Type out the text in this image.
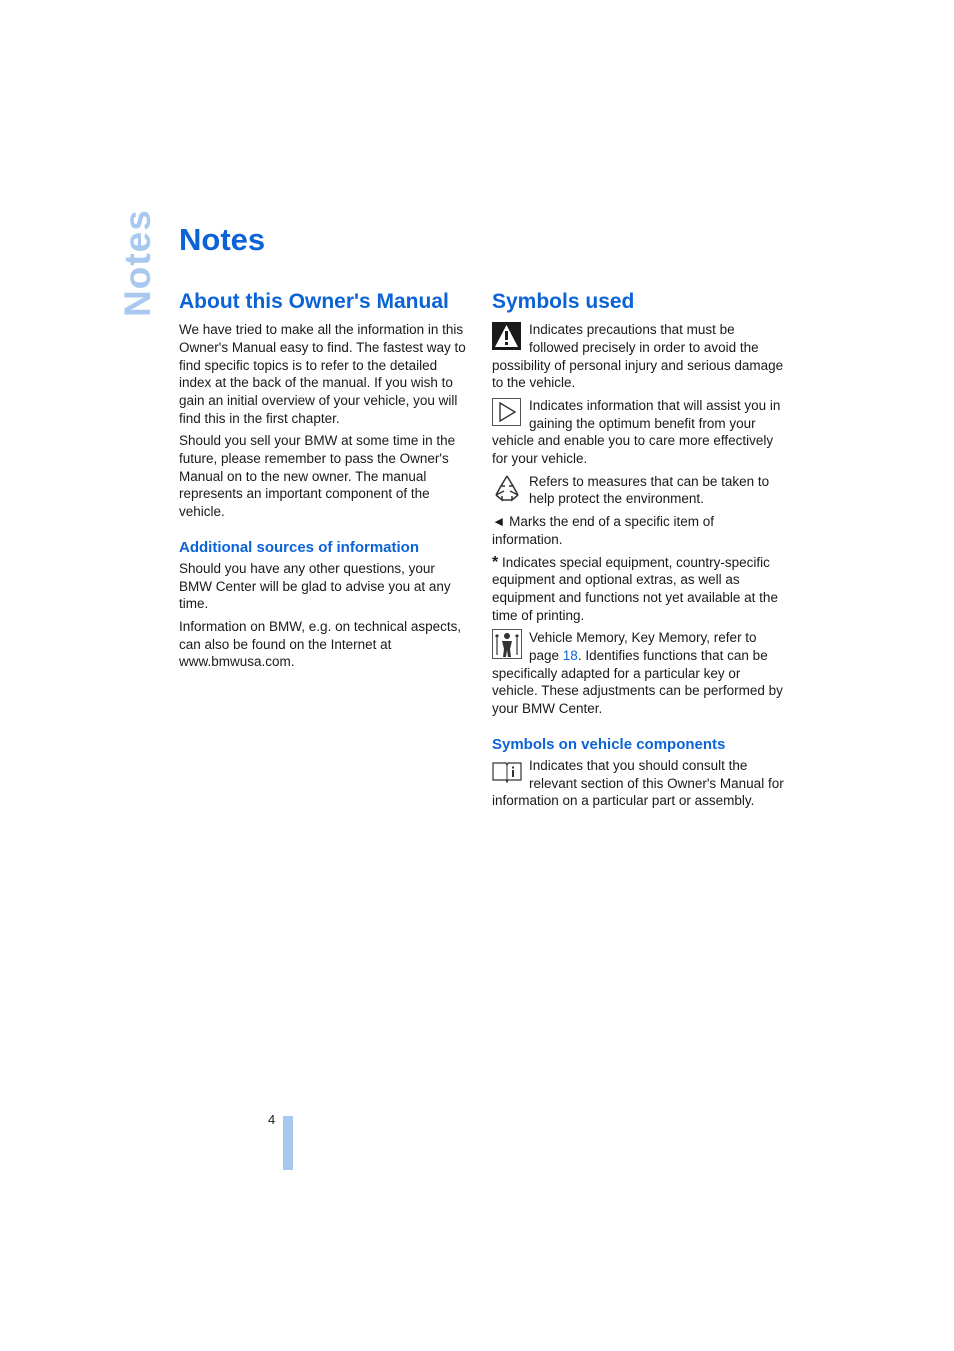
Notes Notes
About this Owner's Manual

We have tried to make all the information in this Owner's Manual easy to find. The fastest way to find specific topics is to refer to the detailed index at the back of the manual. If you wish to gain an initial overview of your vehicle, you will find this in the first chapter.

Should you sell your BMW at some time in the future, please remember to pass the Owner's Manual on to the new owner. The manual represents an important component of the vehicle.

Additional sources of information

Should you have any other questions, your BMW Center will be glad to advise you at any time.

Information on BMW, e.g. on technical aspects, can also be found on the Internet at www.bmwusa.com.

Symbols used
Indicates precautions that must be followed precisely in order to avoid the possibility of personal injury and serious damage to the vehicle.
Indicates information that will assist you in gaining the optimum benefit from your vehicle and enable you to care more effectively for your vehicle.
Refers to measures that can be taken to help protect the environment.

◄ Marks the end of a specific item of information.

* Indicates special equipment, country-specific equipment and optional extras, as well as equipment and functions not yet available at the time of printing.

Vehicle Memory, Key Memory, refer to page 18. Identifies functions that can be specifically adapted for a particular key or vehicle. These adjustments can be performed by your BMW Center.
Symbols on vehicle components
Indicates that you should consult the relevant section of this Owner's Manual for information on a particular part or assembly.
4
